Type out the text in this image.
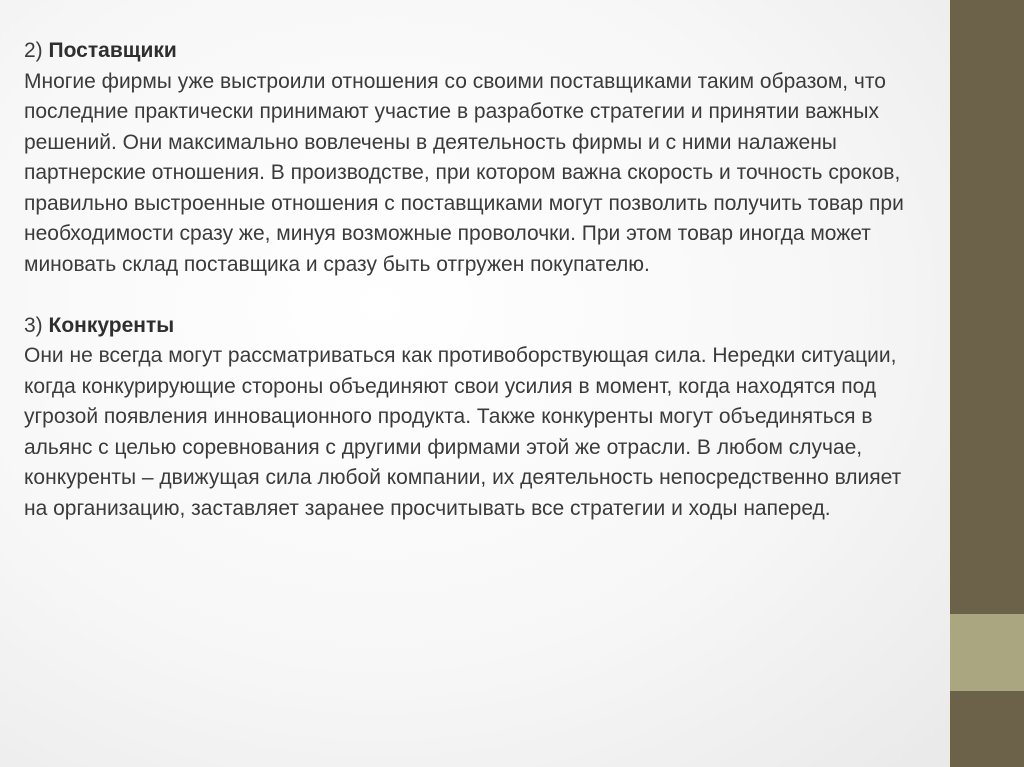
2) Поставщики
Многие фирмы уже выстроили отношения со своими поставщиками таким образом, что последние практически принимают участие в разработке стратегии и принятии важных решений. Они максимально вовлечены в деятельность фирмы и с ними налажены партнерские отношения. В производстве, при котором важна скорость и точность сроков, правильно выстроенные отношения с поставщиками могут позволить получить товар при необходимости сразу же, минуя возможные проволочки. При этом товар иногда может миновать склад поставщика и сразу быть отгружен покупателю.

3) Конкуренты
Они не всегда могут рассматриваться как противоборствующая сила. Нередки ситуации, когда конкурирующие стороны объединяют свои усилия в момент, когда находятся под угрозой появления инновационного продукта. Также конкуренты могут объединяться в альянс с целью соревнования с другими фирмами этой же отрасли. В любом случае, конкуренты – движущая сила любой компании, их деятельность непосредственно влияет на организацию, заставляет заранее просчитывать все стратегии и ходы наперед.
